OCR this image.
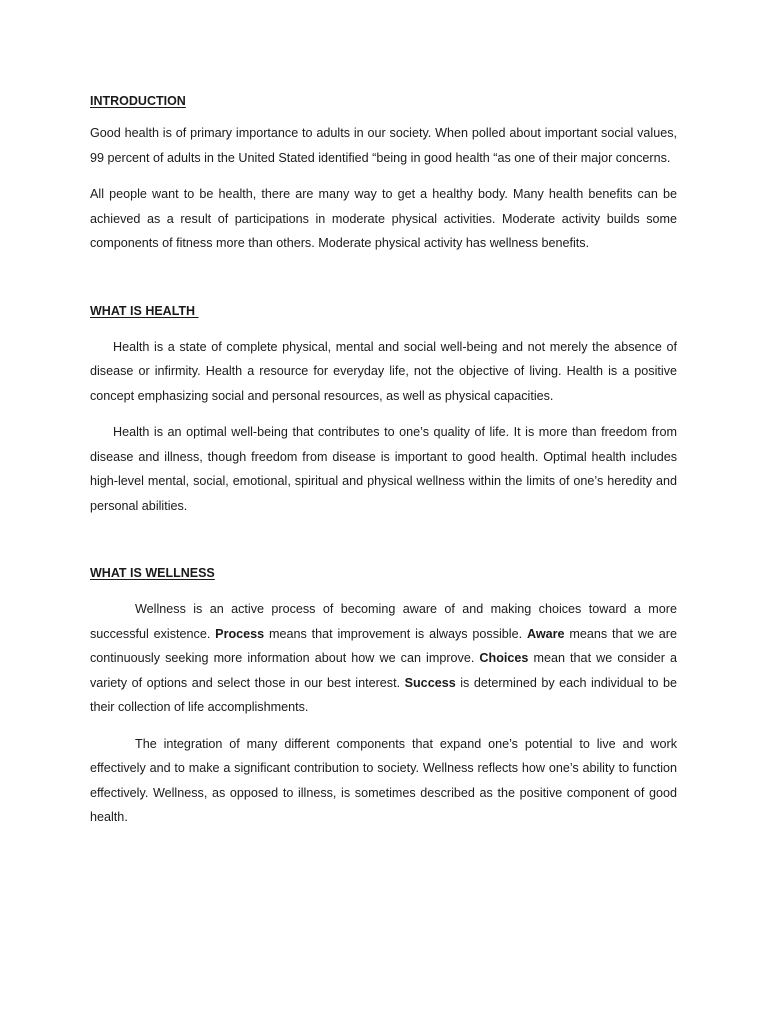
INTRODUCTION

Good health is of primary importance to adults in our society. When polled about important social values, 99 percent of adults in the United Stated identified “being in good health “as one of their major concerns.

All people want to be health, there are many way to get a healthy body. Many health benefits can be achieved as a result of participations in moderate physical activities. Moderate activity builds some components of fitness more than others. Moderate physical activity has wellness benefits.

WHAT IS HEALTH

Health is a state of complete physical, mental and social well-being and not merely the absence of disease or infirmity. Health a resource for everyday life, not the objective of living. Health is a positive concept emphasizing social and personal resources, as well as physical capacities.

Health is an optimal well-being that contributes to one’s quality of life. It is more than freedom from disease and illness, though freedom from disease is important to good health. Optimal health includes high-level mental, social, emotional, spiritual and physical wellness within the limits of one’s heredity and personal abilities.

WHAT IS WELLNESS

Wellness is an active process of becoming aware of and making choices toward a more successful existence. Process means that improvement is always possible. Aware means that we are continuously seeking more information about how we can improve. Choices mean that we consider a variety of options and select those in our best interest. Success is determined by each individual to be their collection of life accomplishments.

The integration of many different components that expand one’s potential to live and work effectively and to make a significant contribution to society. Wellness reflects how one’s ability to function effectively. Wellness, as opposed to illness, is sometimes described as the positive component of good health.
